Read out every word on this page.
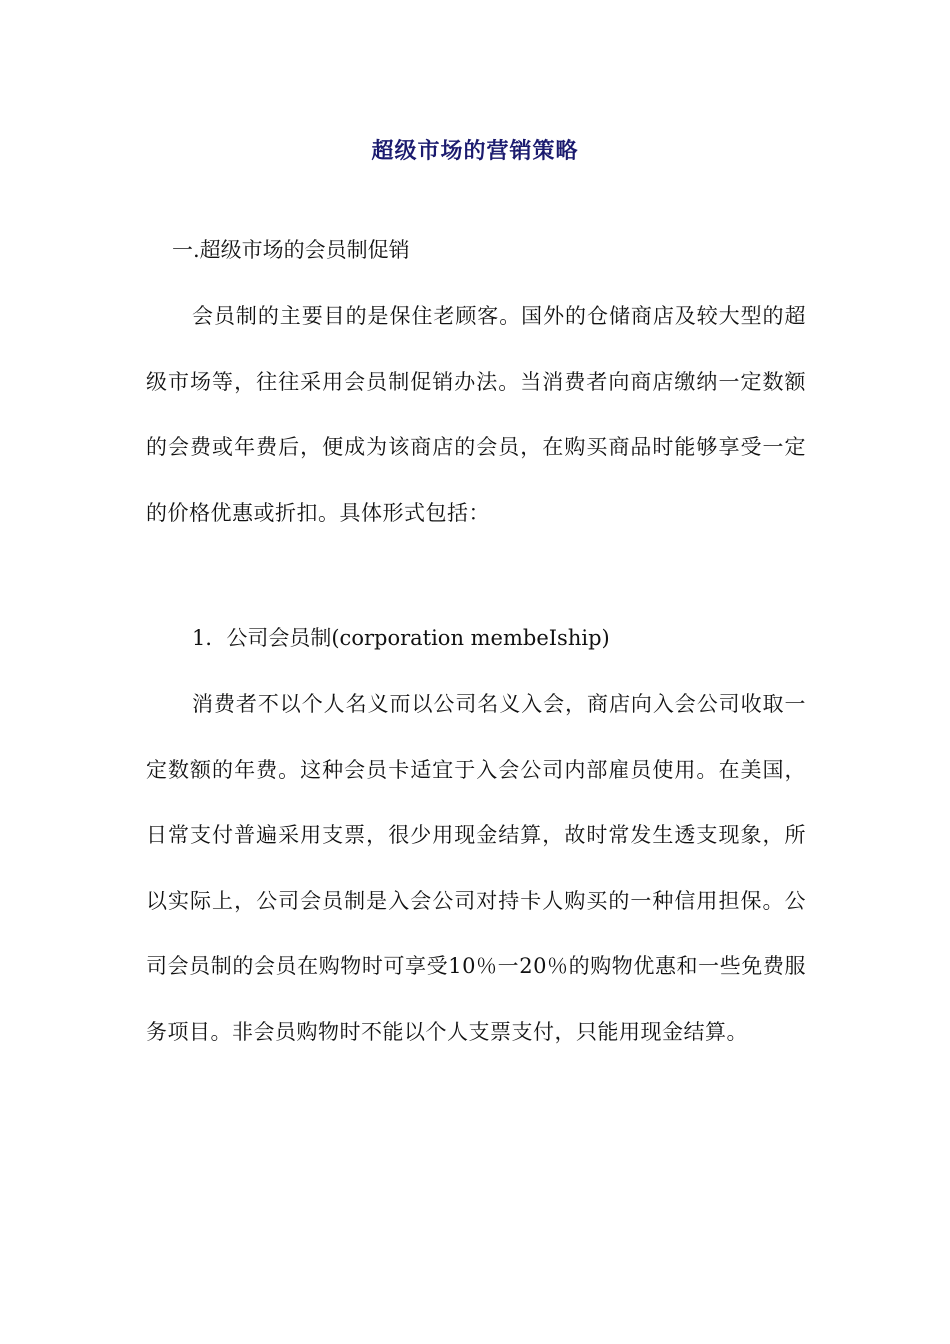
超级市场的营销策略
一.超级市场的会员制促销
会员制的主要目的是保住老顾客。国外的仓储商店及较大型的超级市场等，往往采用会员制促销办法。当消费者向商店缴纳一定数额的会费或年费后，便成为该商店的会员，在购买商品时能够享受一定的价格优惠或折扣。具体形式包括：
1．公司会员制(corporation membeIship)
消费者不以个人名义而以公司名义入会，商店向入会公司收取一定数额的年费。这种会员卡适宜于入会公司内部雇员使用。在美国，日常支付普遍采用支票，很少用现金结算，故时常发生透支现象，所以实际上，公司会员制是入会公司对持卡人购买的一种信用担保。公司会员制的会员在购物时可享受10％一20％的购物优惠和一些免费服务项目。非会员购物时不能以个人支票支付，只能用现金结算。
